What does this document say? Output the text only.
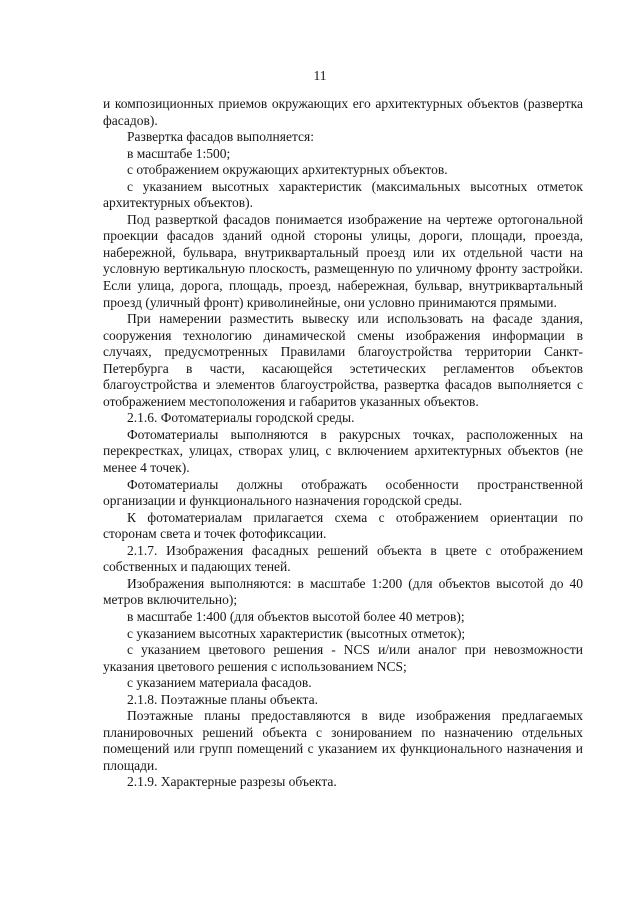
11

и композиционных приемов окружающих его архитектурных объектов (развертка фасадов).

Развертка фасадов выполняется:

в масштабе 1:500;

с отображением окружающих архитектурных объектов.

с указанием высотных характеристик (максимальных высотных отметок архитектурных объектов).

Под разверткой фасадов понимается изображение на чертеже ортогональной проекции фасадов зданий одной стороны улицы, дороги, площади, проезда, набережной, бульвара, внутриквартальный проезд или их отдельной части на условную вертикальную плоскость, размещенную по уличному фронту застройки. Если улица, дорога, площадь, проезд, набережная, бульвар, внутриквартальный проезд (уличный фронт) криволинейные, они условно принимаются прямыми.

При намерении разместить вывеску или использовать на фасаде здания, сооружения технологию динамической смены изображения информации в случаях, предусмотренных Правилами благоустройства территории Санкт-Петербурга в части, касающейся эстетических регламентов объектов благоустройства и элементов благоустройства, развертка фасадов выполняется с отображением местоположения и габаритов указанных объектов.

2.1.6. Фотоматериалы городской среды.

Фотоматериалы выполняются в ракурсных точках, расположенных на перекрестках, улицах, створах улиц, с включением архитектурных объектов (не менее 4 точек).

Фотоматериалы должны отображать особенности пространственной организации и функционального назначения городской среды.

К фотоматериалам прилагается схема с отображением ориентации по сторонам света и точек фотофиксации.

2.1.7. Изображения фасадных решений объекта в цвете с отображением собственных и падающих теней.

Изображения выполняются: в масштабе 1:200 (для объектов высотой до 40 метров включительно);

в масштабе 1:400 (для объектов высотой более 40 метров);

с указанием высотных характеристик (высотных отметок);

с указанием цветового решения - NCS и/или аналог при невозможности указания цветового решения с использованием NCS;

с указанием материала фасадов.

2.1.8. Поэтажные планы объекта.

Поэтажные планы предоставляются в виде изображения предлагаемых планировочных решений объекта с зонированием по назначению отдельных помещений или групп помещений с указанием их функционального назначения и площади.

2.1.9. Характерные разрезы объекта.
